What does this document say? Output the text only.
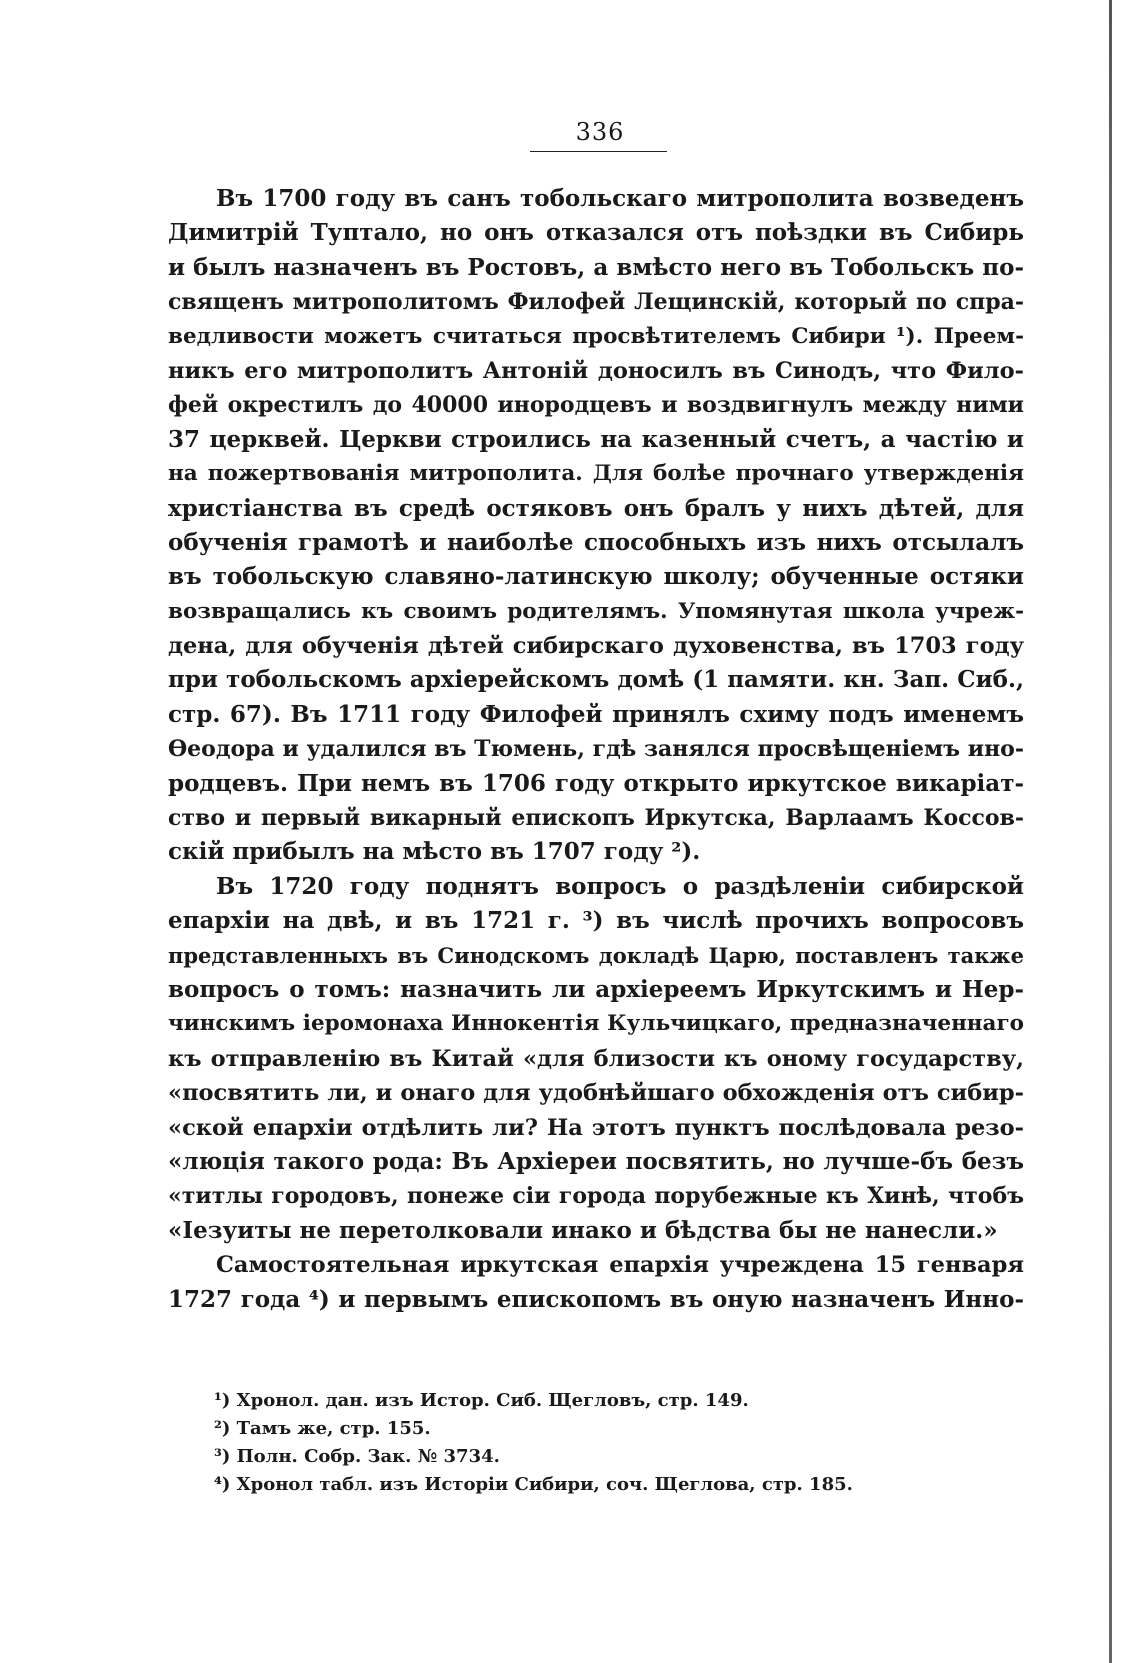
336
Въ 1700 году въ санъ тобольскаго митрополита возведенъ
Димитрій Туптало, но онъ отказался отъ поѣздки въ Сибирь
и былъ назначенъ въ Ростовъ, а вмѣсто него въ Тобольскъ по-
священъ митрополитомъ Филофей Лещинскій, который по спра-
ведливости можетъ считаться просвѣтителемъ Сибири ¹). Преем-
никъ его митрополитъ Антоній доносилъ въ Синодъ, что Фило-
фей окрестилъ до 40000 инородцевъ и воздвигнулъ между ними
37 церквей. Церкви строились на казенный счетъ, а частію и
на пожертвованія митрополита. Для болѣе прочнаго утвержденія
христіанства въ средѣ остяковъ онъ бралъ у нихъ дѣтей, для
обученія грамотѣ и наиболѣе способныхъ изъ нихъ отсылалъ
въ тобольскую славяно-латинскую школу; обученные остяки
возвращались къ своимъ родителямъ. Упомянутая школа учреж-
дена, для обученія дѣтей сибирскаго духовенства, въ 1703 году
при тобольскомъ архіерейскомъ домѣ (1 памяти. кн. Зап. Сиб.,
стр. 67). Въ 1711 году Филофей принялъ схиму подъ именемъ
Өеодора и удалился въ Тюмень, гдѣ занялся просвѣщеніемъ ино-
родцевъ. При немъ въ 1706 году открыто иркутское викаріат-
ство и первый викарный епископъ Иркутска, Варлаамъ Коссов-
скій прибылъ на мѣсто въ 1707 году ²).
Въ 1720 году поднятъ вопросъ о раздѣленіи сибирской
епархіи на двѣ, и въ 1721 г. ³) въ числѣ прочихъ вопросовъ
представленныхъ въ Синодскомъ докладѣ Царю, поставленъ также
вопросъ о томъ: назначить ли архіереемъ Иркутскимъ и Нер-
чинскимъ іеромонаха Иннокентія Кульчицкаго, предназначеннаго
къ отправленію въ Китай «для близости къ оному государству,
«посвятить ли, и онаго для удобнѣйшаго обхожденія отъ сибир-
«ской епархіи отдѣлить ли? На этотъ пунктъ послѣдовала резо-
«люція такого рода: Въ Архіереи посвятить, но лучше-бъ безъ
«титлы городовъ, понеже сіи города порубежные къ Хинѣ, чтобъ
«Іезуиты не перетолковали инако и бѣдства бы не нанесли.»
Самостоятельная иркутская епархія учреждена 15 генваря
1727 года ⁴) и первымъ епископомъ въ оную назначенъ Инно-
¹) Хронол. дан. изъ Истор. Сиб. Щегловъ, стр. 149.
²) Тамъ же, стр. 155.
³) Полн. Собр. Зак. № 3734.
⁴) Хронол табл. изъ Исторіи Сибири, соч. Щеглова, стр. 185.
